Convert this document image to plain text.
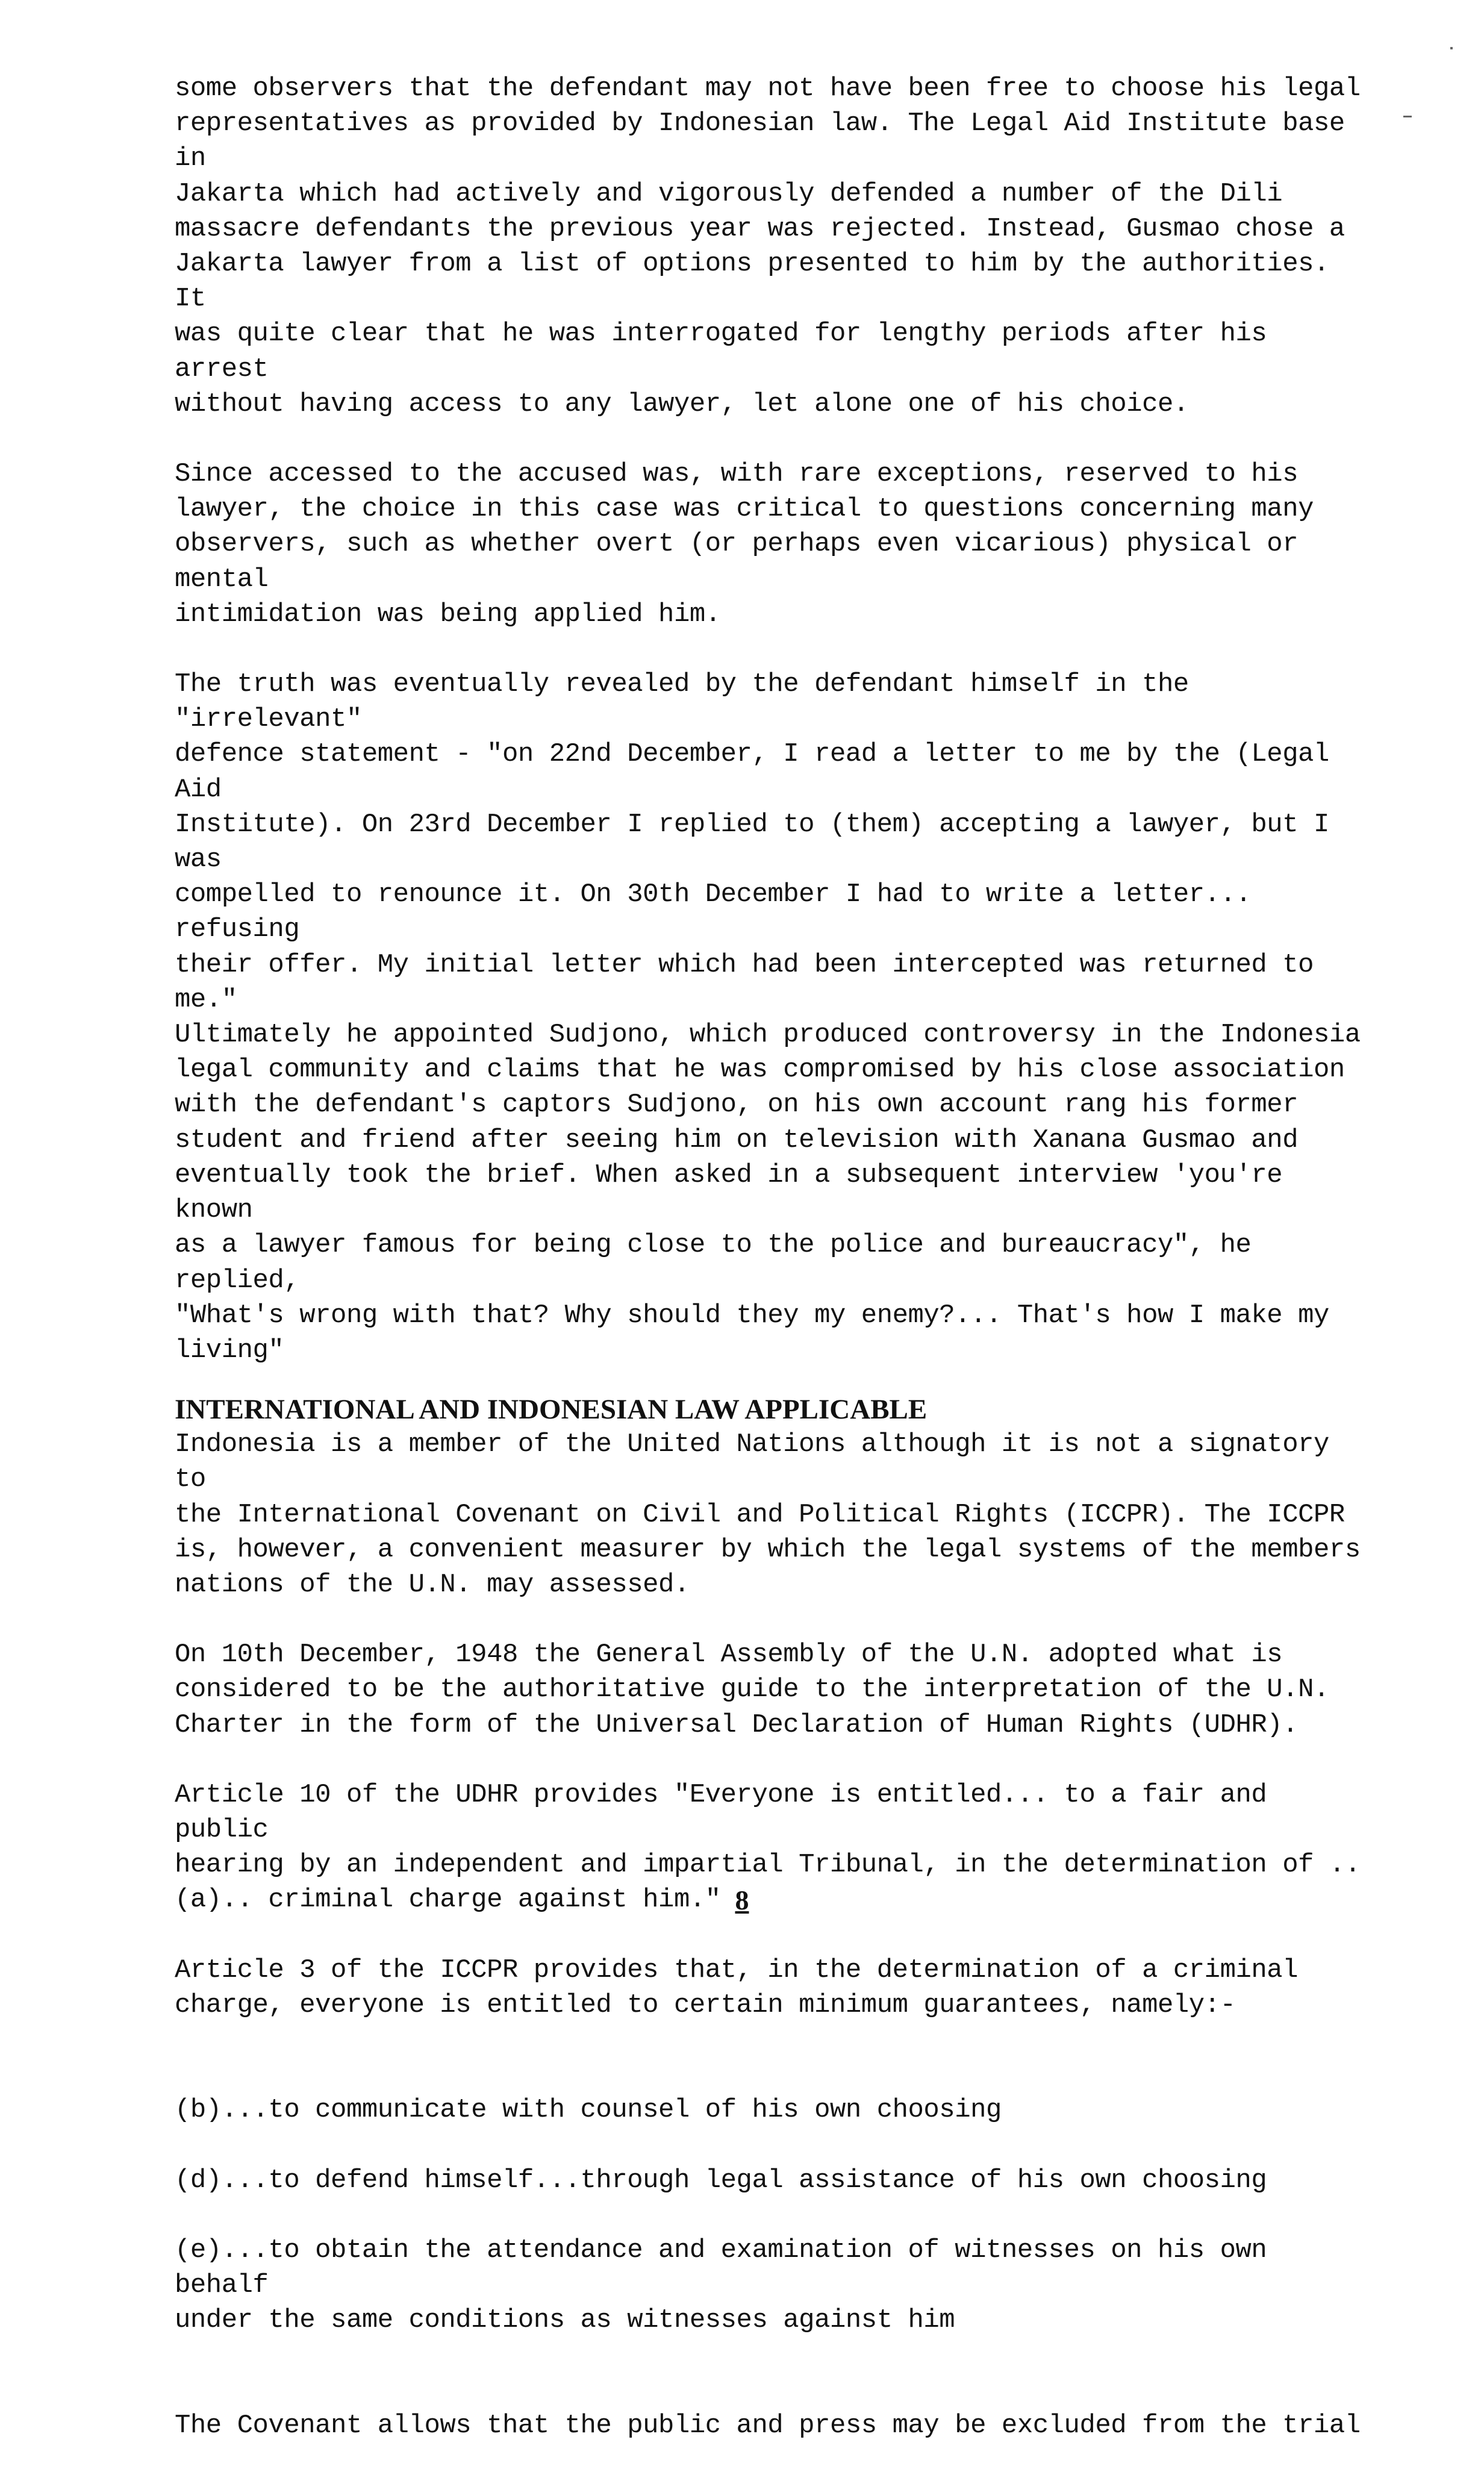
some observers that the defendant may not have been free to choose his legal
representatives as provided by Indonesian law. The Legal Aid Institute base in
Jakarta which had actively and vigorously defended a number of the Dili
massacre defendants the previous year was rejected. Instead, Gusmao chose a
Jakarta lawyer from a list of options presented to him by the authorities. It
was quite clear that he was interrogated for lengthy periods after his arrest
without having access to any lawyer, let alone one of his choice.

Since accessed to the accused was, with rare exceptions, reserved to his
lawyer, the choice in this case was critical to questions concerning many
observers, such as whether overt (or perhaps even vicarious) physical or mental
intimidation was being applied him.

The truth was eventually revealed by the defendant himself in the "irrelevant"
defence statement - "on 22nd December, I read a letter to me by the (Legal Aid
Institute). On 23rd December I replied to (them) accepting a lawyer, but I was
compelled to renounce it. On 30th December I had to write a letter... refusing
their offer. My initial letter which had been intercepted was returned to me."
Ultimately he appointed Sudjono, which produced controversy in the Indonesia
legal community and claims that he was compromised by his close association
with the defendant's captors Sudjono, on his own account rang his former
student and friend after seeing him on television with Xanana Gusmao and
eventually took the brief. When asked in a subsequent interview 'you're known
as a lawyer famous for being close to the police and bureaucracy", he replied,
"What's wrong with that? Why should they my enemy?... That's how I make my
living"

INTERNATIONAL AND INDONESIAN LAW APPLICABLE

Indonesia is a member of the United Nations although it is not a signatory to
the International Covenant on Civil and Political Rights (ICCPR). The ICCPR
is, however, a convenient measurer by which the legal systems of the members
nations of the U.N. may assessed.

On 10th December, 1948 the General Assembly of the U.N. adopted what is
considered to be the authoritative guide to the interpretation of the U.N.
Charter in the form of the Universal Declaration of Human Rights (UDHR).

Article 10 of the UDHR provides "Everyone is entitled... to a fair and public
hearing by an independent and impartial Tribunal, in the determination of ..
(a).. criminal charge against him."

Article 3 of the ICCPR provides that, in the determination of a criminal
charge, everyone is entitled to certain minimum guarantees, namely:-

(b)...to communicate with counsel of his own choosing

(d)...to defend himself...through legal assistance of his own choosing

(e)...to obtain the attendance and examination of witnesses on his own behalf
under the same conditions as witnesses against him

The Covenant allows that the public and press may be excluded from the trial

8
